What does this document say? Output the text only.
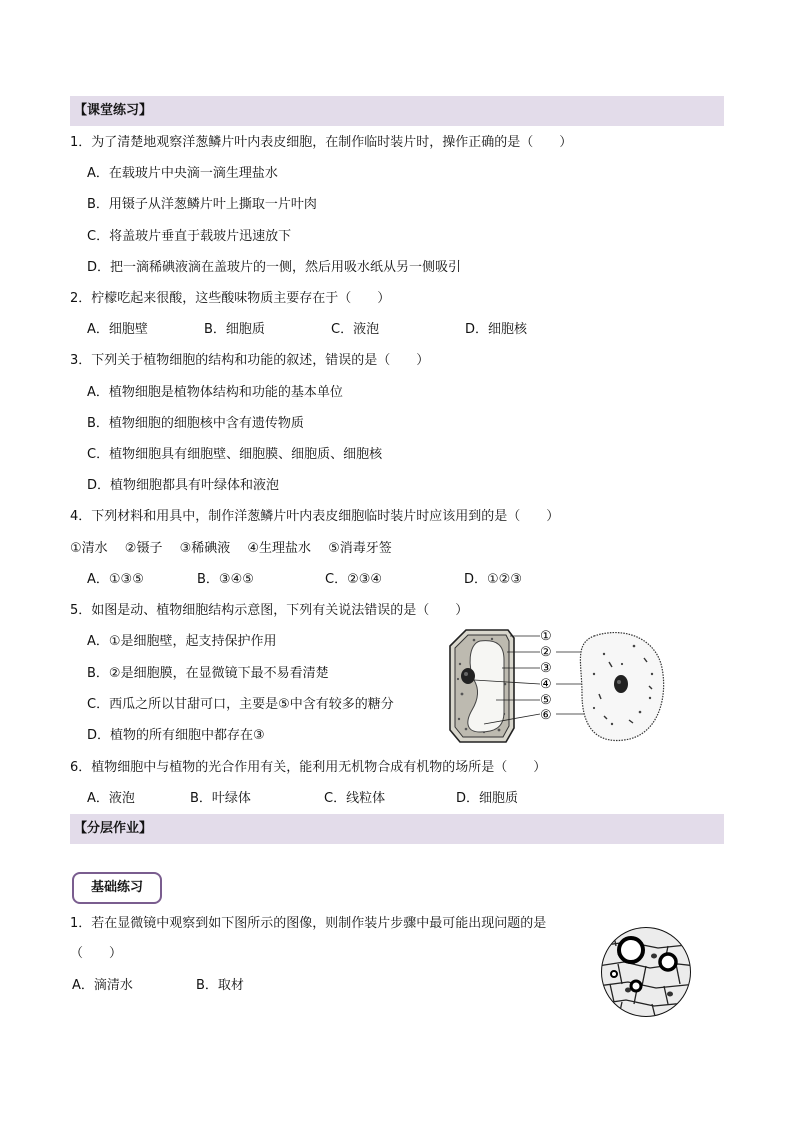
【课堂练习】
1．为了清楚地观察洋葱鳞片叶内表皮细胞，在制作临时装片时，操作正确的是（　　）
A．在载玻片中央滴一滴生理盐水
B．用镊子从洋葱鳞片叶上撕取一片叶肉
C．将盖玻片垂直于载玻片迅速放下
D．把一滴稀碘液滴在盖玻片的一侧，然后用吸水纸从另一侧吸引
2．柠檬吃起来很酸，这些酸味物质主要存在于（　　）
A．细胞壁	B．细胞质	C．液泡	D．细胞核
3．下列关于植物细胞的结构和功能的叙述，错误的是（　　）
A．植物细胞是植物体结构和功能的基本单位
B．植物细胞的细胞核中含有遗传物质
C．植物细胞具有细胞壁、细胞膜、细胞质、细胞核
D．植物细胞都具有叶绿体和液泡
4．下列材料和用具中，制作洋葱鳞片叶内表皮细胞临时装片时应该用到的是（　　）
①清水　 ②镊子　 ③稀碘液　 ④生理盐水　 ⑤消毒牙签
A．①③⑤	B．③④⑤	C．②③④	D．①②③
5．如图是动、植物细胞结构示意图，下列有关说法错误的是（　　）
A．①是细胞壁，起支持保护作用
B．②是细胞膜，在显微镜下最不易看清楚
C．西瓜之所以甘甜可口，主要是⑤中含有较多的糖分
D．植物的所有细胞中都存在③
①
②
③
④
⑤
⑥
6．植物细胞中与植物的光合作用有关，能利用无机物合成有机物的场所是（　　）
A．液泡	B．叶绿体	C．线粒体	D．细胞质
【分层作业】
基础练习
1．若在显微镜中观察到如下图所示的图像，则制作装片步骤中最可能出现问题的是
（　　）
A．滴清水	B．取材
